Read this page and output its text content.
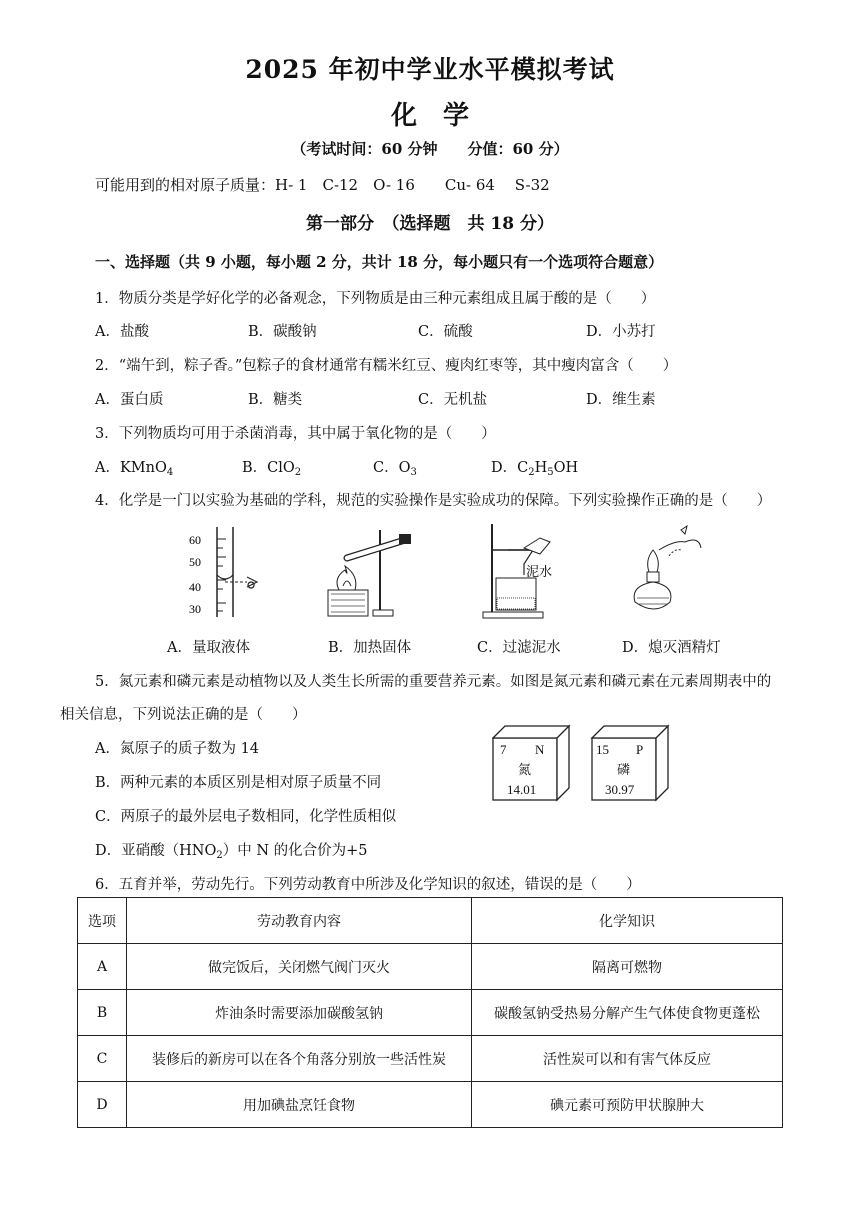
2025 年初中学业水平模拟考试
化　学
（考试时间：60 分钟　　分值：60 分）
可能用到的相对原子质量：H- 1　C-12　O- 16　　Cu- 64　 S-32
第一部分　（选择题　共 18 分）
一、选择题（共 9 小题，每小题 2 分，共计 18 分，每小题只有一个选项符合题意）
1．物质分类是学好化学的必备观念，下列物质是由三种元素组成且属于酸的是（　　）
A．盐酸	B．碳酸钠	C．硫酸	D．小苏打
2．“端午到，粽子香。”包粽子的食材通常有糯米红豆、瘦肉红枣等，其中瘦肉富含（　　）
A．蛋白质	B．糖类	C．无机盐	D．维生素
3．下列物质均可用于杀菌消毒，其中属于氧化物的是（　　）
A．KMnO$_4$	B．ClO$_2$	C．$O_3$	D．$C_2H_5OH$
4．化学是一门以实验为基础的学科，规范的实验操作是实验成功的保障。下列实验操作正确的是（　　）
60
50
40
30
泥水
A．量取液体	B．加热固体	C．过滤泥水	D．熄灭酒精灯
5．氮元素和磷元素是动植物以及人类生长所需的重要营养元素。如图是氮元素和磷元素在元素周期表中的
相关信息，下列说法正确的是（　　）
A．氮原子的质子数为 14
B．两种元素的本质区别是相对原子质量不同
C．两原子的最外层电子数相同，化学性质相似
D．亚硝酸$(HNO_2)$中 N 的化合价为+5
7 N
氮
14.01
15 P
磷
30.97
6．五育并举，劳动先行。下列劳动教育中所涉及化学知识的叙述，错误的是（　　）
选项	劳动教育内容	化学知识
A	做完饭后，关闭燃气阀门灭火	隔离可燃物
B	炸油条时需要添加碳酸氢钠	碳酸氢钠受热易分解产生气体使食物更蓬松
C	装修后的新房可以在各个角落分别放一些活性炭	活性炭可以和有害气体反应
D	用加碘盐烹饪食物	碘元素可预防甲状腺肿大
